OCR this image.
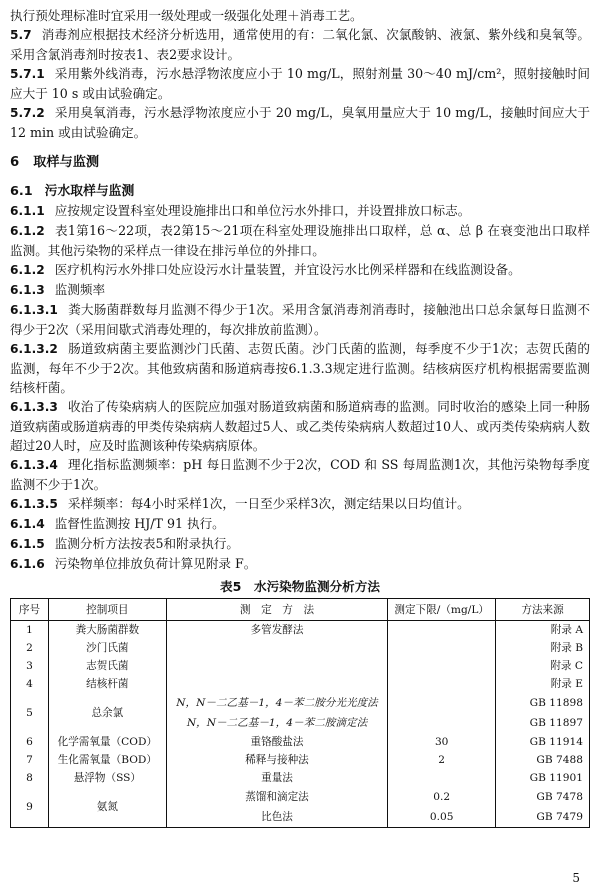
执行预处理标准时宜采用一级处理或一级强化处理＋消毒工艺。

5.7 消毒剂应根据技术经济分析选用，通常使用的有：二氧化氯、次氯酸钠、液氯、紫外线和臭氧等。采用含氯消毒剂时按表1、表2要求设计。

5.7.1 采用紫外线消毒，污水悬浮物浓度应小于 10 mg/L，照射剂量 30～40 mJ/cm²，照射接触时间应大于 10 s 或由试验确定。

5.7.2 采用臭氧消毒，污水悬浮物浓度应小于 20 mg/L，臭氧用量应大于 10 mg/L，接触时间应大于 12 min 或由试验确定。

6 取样与监测
6.1 污水取样与监测

6.1.1 应按规定设置科室处理设施排出口和单位污水外排口，并设置排放口标志。

6.1.2 表1第16～22项，表2第15～21项在科室处理设施排出口取样，总 α、总 β 在衰变池出口取样监测。其他污染物的采样点一律设在排污单位的外排口。

6.1.2 医疗机构污水外排口处应设污水计量装置，并宜设污水比例采样器和在线监测设备。

6.1.3 监测频率

6.1.3.1 粪大肠菌群数每月监测不得少于1次。采用含氯消毒剂消毒时，接触池出口总余氯每日监测不得少于2次（采用间歇式消毒处理的，每次排放前监测）。

6.1.3.2 肠道致病菌主要监测沙门氏菌、志贺氏菌。沙门氏菌的监测，每季度不少于1次；志贺氏菌的监测，每年不少于2次。其他致病菌和肠道病毒按6.1.3.3规定进行监测。结核病医疗机构根据需要监测结核杆菌。

6.1.3.3 收治了传染病病人的医院应加强对肠道致病菌和肠道病毒的监测。同时收治的感染上同一种肠道致病菌或肠道病毒的甲类传染病病人数超过5人、或乙类传染病病人数超过10人、或丙类传染病病人数超过20人时，应及时监测该种传染病病原体。

6.1.3.4 理化指标监测频率：pH 每日监测不少于2次，COD 和 SS 每周监测1次，其他污染物每季度监测不少于1次。

6.1.3.5 采样频率：每4小时采样1次，一日至少采样3次，测定结果以日均值计。

6.1.4 监督性监测按 HJ/T 91 执行。

6.1.5 监测分析方法按表5和附录执行。

6.1.6 污染物单位排放负荷计算见附录 F。

表5　水污染物监测分析方法
序号	控制项目	测　定　方　法	测定下限/（mg/L）	方法来源
1	粪大肠菌群数	多管发酵法		附录 A
2	沙门氏菌			附录 B
3	志贺氏菌			附录 C
4	结核杆菌			附录 E
5	总余氯	N，N－二乙基－1，4－苯二胺分光光度法		GB 11898
		N，N－二乙基－1，4－苯二胺滴定法		GB 11897
6	化学需氧量（COD）	重铬酸盐法	30	GB 11914
7	生化需氧量（BOD）	稀释与接种法	2	GB 7488
8	悬浮物（SS）	重量法		GB 11901
9	氨氮	蒸馏和滴定法	0.2	GB 7478
		比色法	0.05	GB 7479
5
